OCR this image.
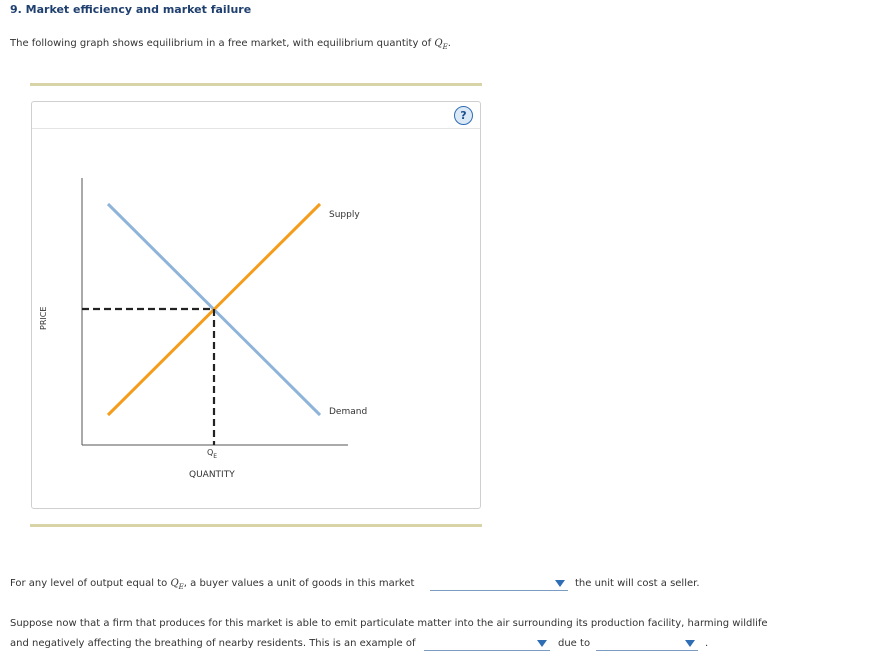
9. Market efficiency and market failure
The following graph shows equilibrium in a free market, with equilibrium quantity of $Q_E$.
?
Supply
Demand
PRICE
QUANTITY
$Q_E$
For any level of output equal to $Q_E$, a buyer values a unit of goods in this market	the unit will cost a seller.
Suppose now that a firm that produces for this market is able to emit particulate matter into the air surrounding its production facility, harming wildlife
and negatively affecting the breathing of nearby residents. This is an example of	due to	.
